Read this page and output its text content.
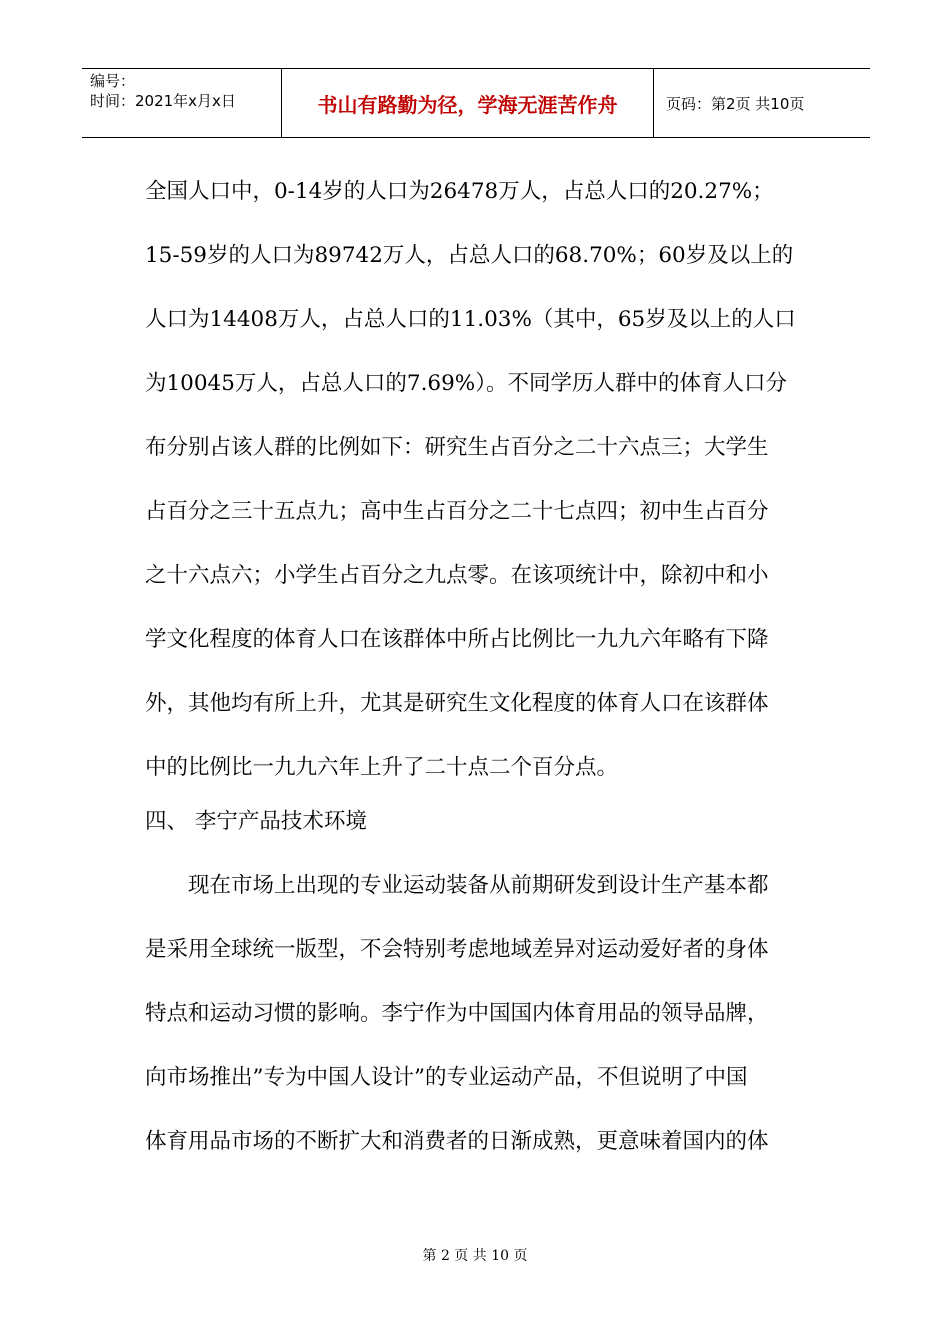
编号：
时间：2021年x月x日	书山有路勤为径，学海无涯苦作舟	页码：第2页 共10页

全国人口中，0-14岁的人口为26478万人，占总人口的20.27%；

15-59岁的人口为89742万人，占总人口的68.70%；60岁及以上的

人口为14408万人，占总人口的11.03%（其中，65岁及以上的人口

为10045万人，占总人口的7.69%）。不同学历人群中的体育人口分

布分别占该人群的比例如下：研究生占百分之二十六点三；大学生

占百分之三十五点九；高中生占百分之二十七点四；初中生占百分

之十六点六；小学生占百分之九点零。在该项统计中，除初中和小

学文化程度的体育人口在该群体中所占比例比一九九六年略有下降

外，其他均有所上升，尤其是研究生文化程度的体育人口在该群体

中的比例比一九九六年上升了二十点二个百分点。

四、 李宁产品技术环境

现在市场上出现的专业运动装备从前期研发到设计生产基本都

是采用全球统一版型，不会特别考虑地域差异对运动爱好者的身体

特点和运动习惯的影响。李宁作为中国国内体育用品的领导品牌，

向市场推出”专为中国人设计”的专业运动产品，不但说明了中国

体育用品市场的不断扩大和消费者的日渐成熟，更意味着国内的体

第 2 页 共 10 页
